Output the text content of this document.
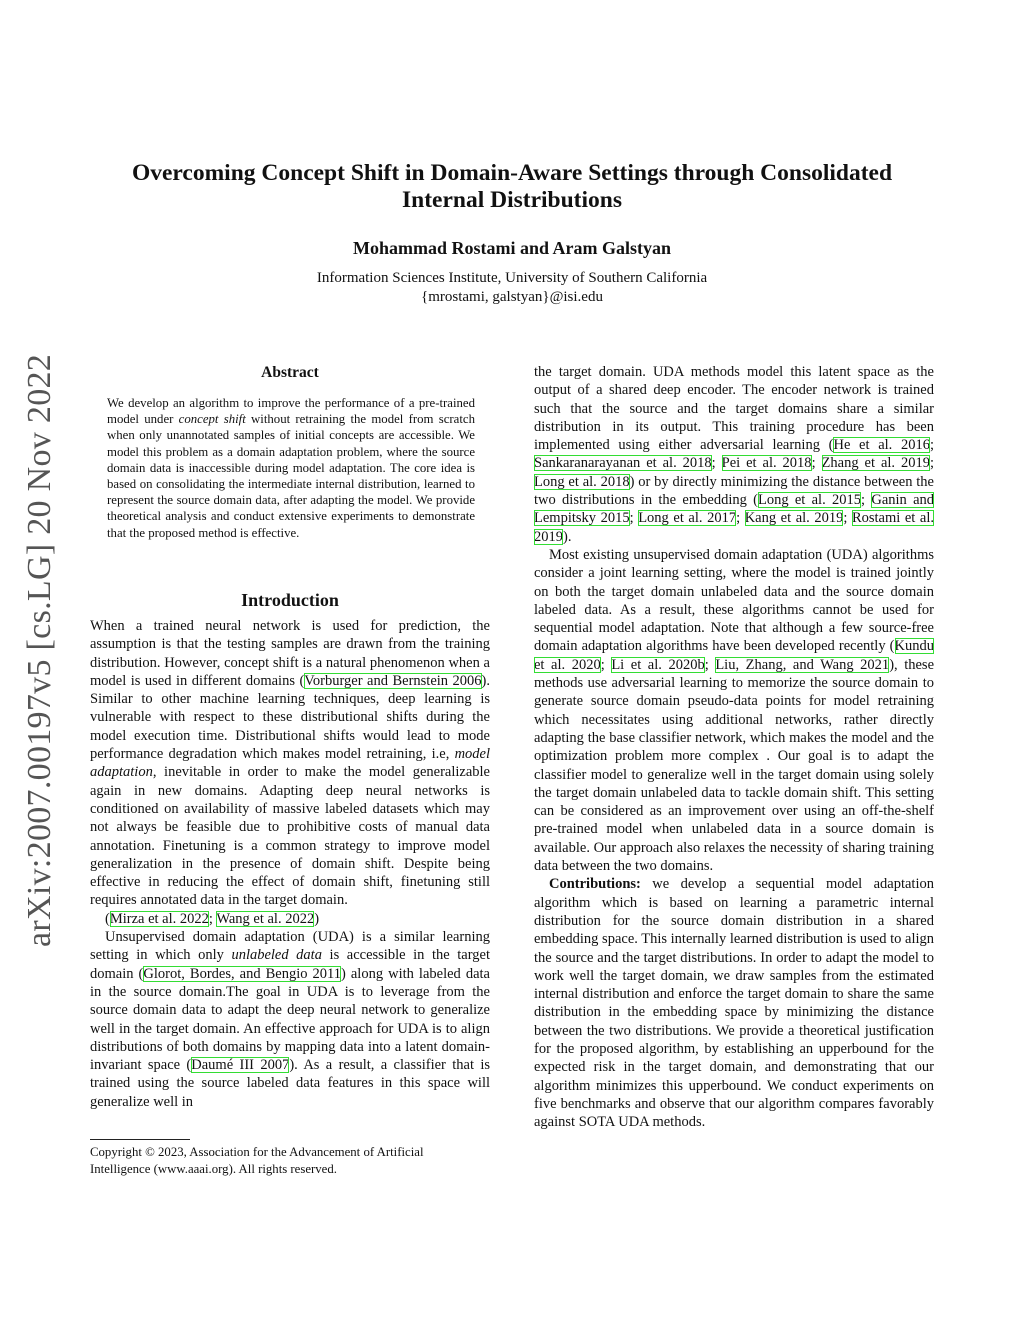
arXiv:2007.00197v5 [cs.LG] 20 Nov 2022
Overcoming Concept Shift in Domain-Aware Settings through Consolidated
Internal Distributions
Mohammad Rostami and Aram Galstyan
Information Sciences Institute, University of Southern California
{mrostami, galstyan}@isi.edu
Abstract
We develop an algorithm to improve the performance of a pre-trained model under concept shift without retraining the model from scratch when only unannotated samples of initial concepts are accessible. We model this problem as a domain adaptation problem, where the source domain data is inaccessible during model adaptation. The core idea is based on consolidating the intermediate internal distribution, learned to represent the source domain data, after adapting the model. We provide theoretical analysis and conduct extensive experiments to demonstrate that the proposed method is effective.
Introduction

When a trained neural network is used for prediction, the assumption is that the testing samples are drawn from the training distribution. However, concept shift is a natural phenomenon when a model is used in different domains (Vorburger and Bernstein 2006). Similar to other machine learning techniques, deep learning is vulnerable with respect to these distributional shifts during the model execution time. Distributional shifts would lead to mode performance degradation which makes model retraining, i.e, model adaptation, inevitable in order to make the model generalizable again in new domains. Adapting deep neural networks is conditioned on availability of massive labeled datasets which may not always be feasible due to prohibitive costs of manual data annotation. Finetuning is a common strategy to improve model generalization in the presence of domain shift. Despite being effective in reducing the effect of domain shift, finetuning still requires annotated data in the target domain.

(Mirza et al. 2022; Wang et al. 2022)

Unsupervised domain adaptation (UDA) is a similar learning setting in which only unlabeled data is accessible in the target domain (Glorot, Bordes, and Bengio 2011) along with labeled data in the source domain.The goal in UDA is to leverage from the source domain data to adapt the deep neural network to generalize well in the target domain. An effective approach for UDA is to align distributions of both domains by mapping data into a latent domain-invariant space (Daumé III 2007). As a result, a classifier that is trained using the source labeled data features in this space will generalize well in

the target domain. UDA methods model this latent space as the output of a shared deep encoder. The encoder network is trained such that the source and the target domains share a similar distribution in its output. This training procedure has been implemented using either adversarial learning (He et al. 2016; Sankaranarayanan et al. 2018; Pei et al. 2018; Zhang et al. 2019; Long et al. 2018) or by directly minimizing the distance between the two distributions in the embedding (Long et al. 2015; Ganin and Lempitsky 2015; Long et al. 2017; Kang et al. 2019; Rostami et al. 2019).

Most existing unsupervised domain adaptation (UDA) algorithms consider a joint learning setting, where the model is trained jointly on both the target domain unlabeled data and the source domain labeled data. As a result, these algorithms cannot be used for sequential model adaptation. Note that although a few source-free domain adaptation algorithms have been developed recently (Kundu et al. 2020; Li et al. 2020b; Liu, Zhang, and Wang 2021), these methods use adversarial learning to memorize the source domain to generate source domain pseudo-data points for model retraining which necessitates using additional networks, rather directly adapting the base classifier network, which makes the model and the optimization problem more complex . Our goal is to adapt the classifier model to generalize well in the target domain using solely the target domain unlabeled data to tackle domain shift. This setting can be considered as an improvement over using an off-the-shelf pre-trained model when unlabeled data in a source domain is available. Our approach also relaxes the necessity of sharing training data between the two domains.

Contributions: we develop a sequential model adaptation algorithm which is based on learning a parametric internal distribution for the source domain distribution in a shared embedding space. This internally learned distribution is used to align the source and the target distributions. In order to adapt the model to work well the target domain, we draw samples from the estimated internal distribution and enforce the target domain to share the same distribution in the embedding space by minimizing the distance between the two distributions. We provide a theoretical justification for the proposed algorithm, by establishing an upperbound for the expected risk in the target domain, and demonstrating that our algorithm minimizes this upperbound. We conduct experiments on five benchmarks and observe that our algorithm compares favorably against SOTA UDA methods.

Copyright © 2023, Association for the Advancement of Artificial
Intelligence (www.aaai.org). All rights reserved.
